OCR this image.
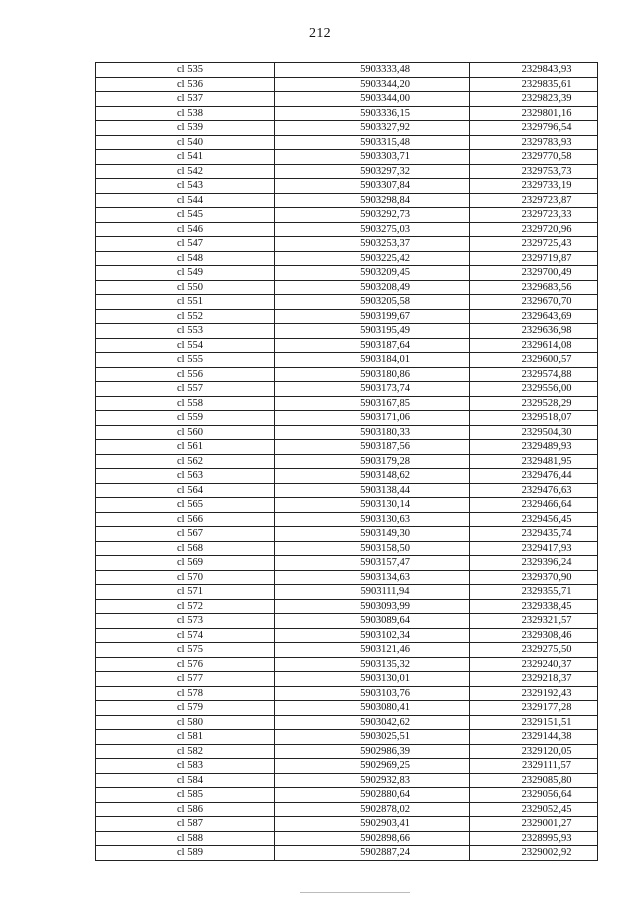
212
cl 535	5903333,48	2329843,93
cl 536	5903344,20	2329835,61
cl 537	5903344,00	2329823,39
cl 538	5903336,15	2329801,16
cl 539	5903327,92	2329796,54
cl 540	5903315,48	2329783,93
cl 541	5903303,71	2329770,58
cl 542	5903297,32	2329753,73
cl 543	5903307,84	2329733,19
cl 544	5903298,84	2329723,87
cl 545	5903292,73	2329723,33
cl 546	5903275,03	2329720,96
cl 547	5903253,37	2329725,43
cl 548	5903225,42	2329719,87
cl 549	5903209,45	2329700,49
cl 550	5903208,49	2329683,56
cl 551	5903205,58	2329670,70
cl 552	5903199,67	2329643,69
cl 553	5903195,49	2329636,98
cl 554	5903187,64	2329614,08
cl 555	5903184,01	2329600,57
cl 556	5903180,86	2329574,88
cl 557	5903173,74	2329556,00
cl 558	5903167,85	2329528,29
cl 559	5903171,06	2329518,07
cl 560	5903180,33	2329504,30
cl 561	5903187,56	2329489,93
cl 562	5903179,28	2329481,95
cl 563	5903148,62	2329476,44
cl 564	5903138,44	2329476,63
cl 565	5903130,14	2329466,64
cl 566	5903130,63	2329456,45
cl 567	5903149,30	2329435,74
cl 568	5903158,50	2329417,93
cl 569	5903157,47	2329396,24
cl 570	5903134,63	2329370,90
cl 571	5903111,94	2329355,71
cl 572	5903093,99	2329338,45
cl 573	5903089,64	2329321,57
cl 574	5903102,34	2329308,46
cl 575	5903121,46	2329275,50
cl 576	5903135,32	2329240,37
cl 577	5903130,01	2329218,37
cl 578	5903103,76	2329192,43
cl 579	5903080,41	2329177,28
cl 580	5903042,62	2329151,51
cl 581	5903025,51	2329144,38
cl 582	5902986,39	2329120,05
cl 583	5902969,25	2329111,57
cl 584	5902932,83	2329085,80
cl 585	5902880,64	2329056,64
cl 586	5902878,02	2329052,45
cl 587	5902903,41	2329001,27
cl 588	5902898,66	2328995,93
cl 589	5902887,24	2329002,92
